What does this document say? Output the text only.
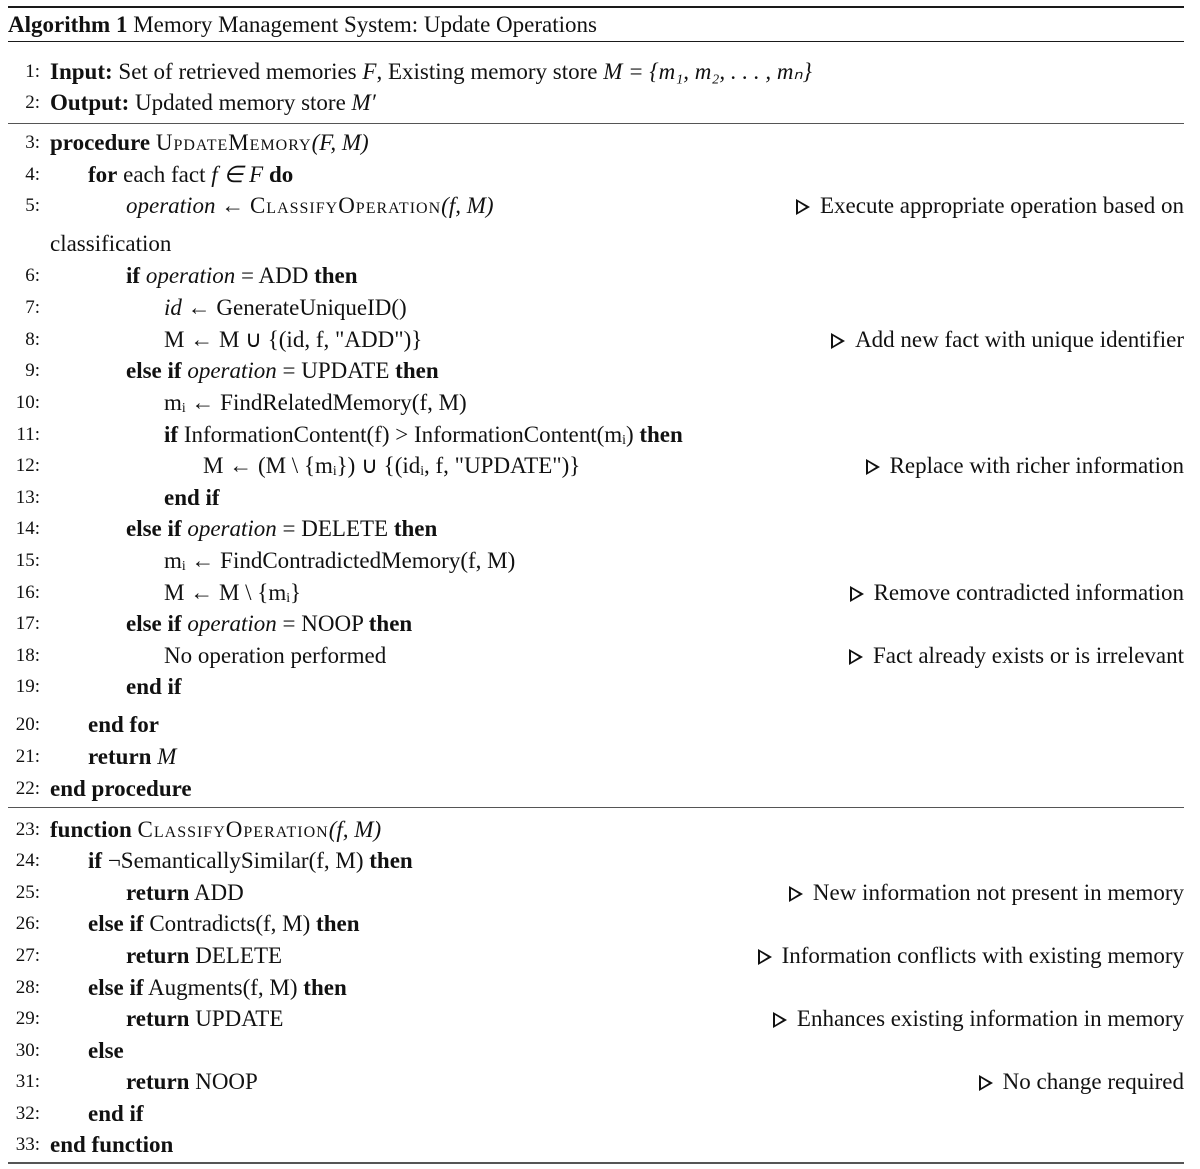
Algorithm 1 Memory Management System: Update Operations
1: Input: Set of retrieved memories F, Existing memory store M = {m₁, m₂, . . . , mₙ}
2: Output: Updated memory store M′
3: procedure UpdateMemory(F, M)
4: for each fact f ∈ F do
5:	operation ← ClassifyOperation(f, M)	Execute appropriate operation based on
classification
6:	if operation = ADD then
7:	id ← GenerateUniqueID()
8:	M ← M ∪ {(id, f, "ADD")}	Add new fact with unique identifier
9:	else if operation = UPDATE then
10:	mᵢ ← FindRelatedMemory(f, M)
11:	if InformationContent(f) > InformationContent(mᵢ) then
12:	M ← (M \ {mᵢ}) ∪ {(idᵢ, f, "UPDATE")}	Replace with richer information
13:	end if
14:	else if operation = DELETE then
15:	mᵢ ← FindContradictedMemory(f, M)
16:	M ← M \ {mᵢ}	Remove contradicted information
17:	else if operation = NOOP then
18:	No operation performed	Fact already exists or is irrelevant
19:	end if
20: end for
21: return M
22: end procedure
23: function ClassifyOperation(f, M)
24: if ¬SemanticallySimilar(f, M) then
25:	return ADD	New information not present in memory
26: else if Contradicts(f, M) then
27:	return DELETE	Information conflicts with existing memory
28: else if Augments(f, M) then
29:	return UPDATE	Enhances existing information in memory
30: else
31:	return NOOP	No change required
32: end if
33: end function
